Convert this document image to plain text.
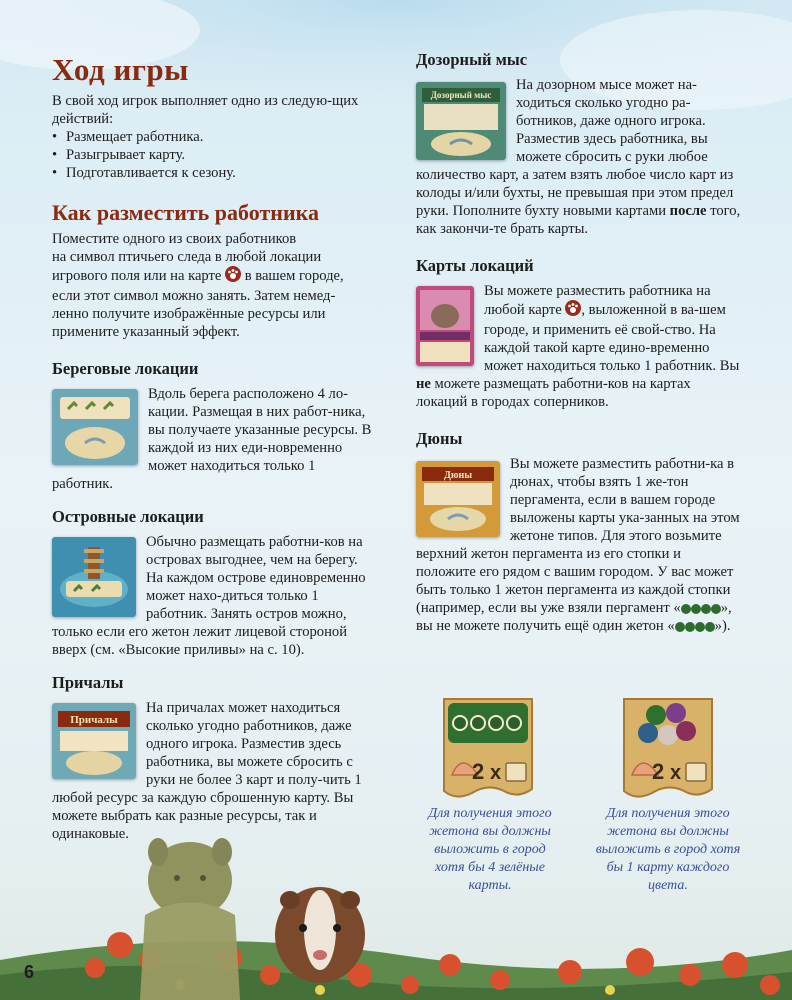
Ход игры

В свой ход игрок выполняет одно из следую-щих действий:

• Размещает работника.
• Разыгрывает карту.
• Подготавливается к сезону.
Как разместить работника

Поместите одного из своих работников
на символ птичьего следа в любой локации
игрового поля или на карте в вашем городе,
если этот символ можно занять. Затем немед-
ленно получите изображённые ресурсы или
примените указанный эффект.

Береговые локации

Вдоль берега расположено 4 ло-кации. Размещая в них работ-ника, вы получаете указанные ресурсы. В каждой из них еди-новременно может находиться только 1 работник.

Островные локации

Обычно размещать работни-ков на островах выгоднее, чем на берегу. На каждом острове единовременно может нахо-диться только 1 работник. Занять остров можно, только если его жетон лежит лицевой стороной вверх (см. «Высокие приливы» на с. 10).

Причалы
Причалы

На причалах может находиться сколько угодно работников, даже одного игрока. Разместив здесь работника, вы можете сбросить с руки не более 3 карт и полу-чить 1 любой ресурс за каждую сброшенную карту. Вы можете выбрать как разные ресурсы, так и одинаковые.

Дозорный мыс
Дозорный мыс

На дозорном мысе может на-ходиться сколько угодно ра-ботников, даже одного игрока. Разместив здесь работника, вы можете сбросить с руки любое количество карт, а затем взять любое число карт из колоды и/или бухты, не превышая при этом предел руки. Пополните бухту новыми картами после того, как закончи-те брать карты.

Карты локаций

Вы можете разместить работника на любой карте , выложенной в ва-шем городе, и применить её свой-ство. На каждой такой карте едино-временно может находиться только 1 работник. Вы не можете размещать работни-ков на картах локаций в городах соперников.

Дюны
Дюны

Вы можете разместить работни-ка в дюнах, чтобы взять 1 же-тон пергамента, если в вашем городе выложены карты ука-занных на этом жетоне типов. Для этого возьмите верхний жетон пергамента из его стопки и положите его рядом с вашим городом. У вас может быть только 1 жетон пергамента из каждой стопки (например, если вы уже взяли пергамент «	», вы не можете получить ещё один жетон «	»).

2 x
Для получения этого жетона вы должны выложить в город хотя бы 4 зелёные карты.
2 x
Для получения этого жетона вы должны выложить в город хотя бы 1 карту каждого цвета.
6
